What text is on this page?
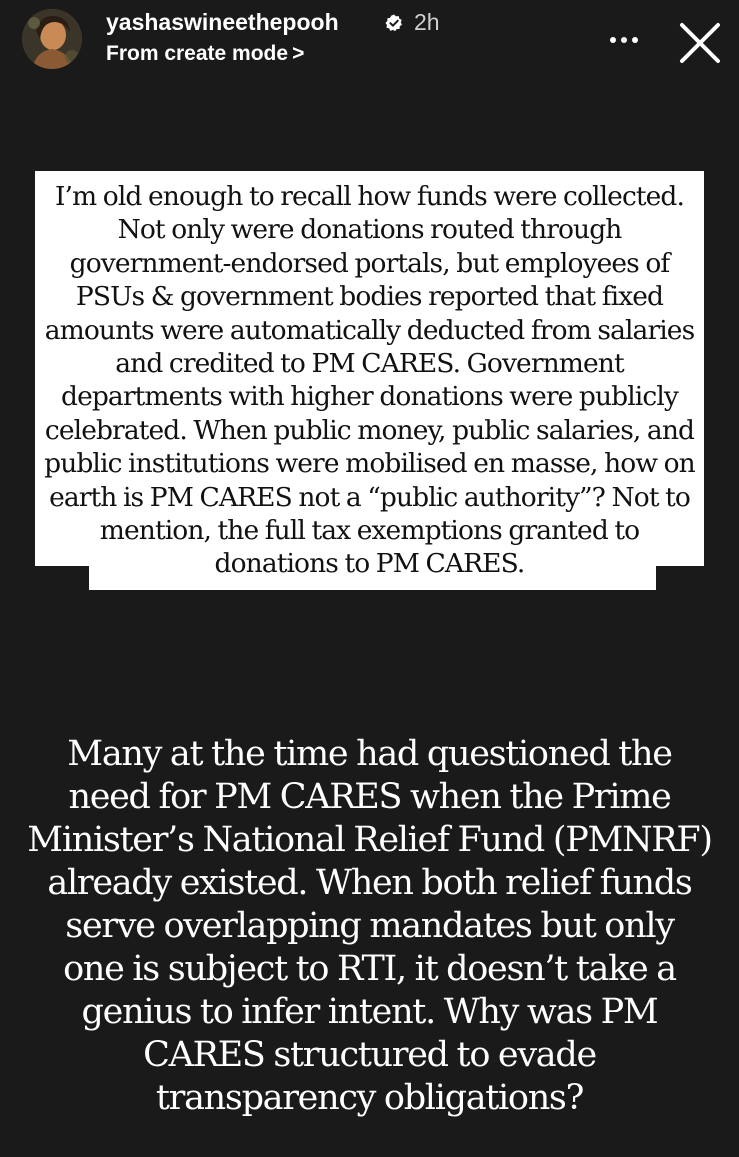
yashaswineethepooh	2h
From create mode >
I’m old enough to recall how funds were collected.
Not only were donations routed through
government-endorsed portals, but employees of
PSUs & government bodies reported that fixed
amounts were automatically deducted from salaries
and credited to PM CARES. Government
departments with higher donations were publicly
celebrated. When public money, public salaries, and
public institutions were mobilised en masse, how on
earth is PM CARES not a “public authority”? Not to
mention, the full tax exemptions granted to
donations to PM CARES.
Many at the time had questioned the
need for PM CARES when the Prime
Minister’s National Relief Fund (PMNRF)
already existed. When both relief funds
serve overlapping mandates but only
one is subject to RTI, it doesn’t take a
genius to infer intent. Why was PM
CARES structured to evade
transparency obligations?
